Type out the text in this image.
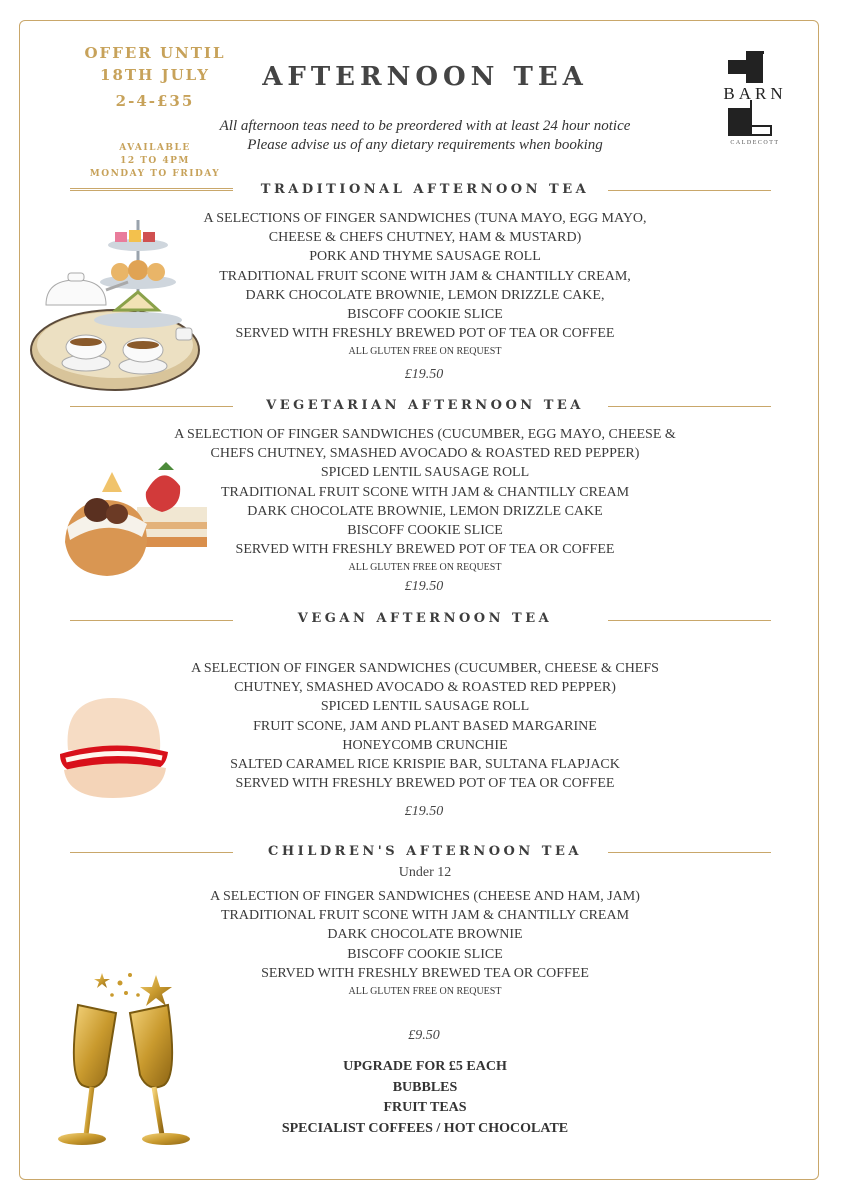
OFFER UNTIL
18TH JULY
2-4-£35
AVAILABLE
12 TO 4PM
MONDAY TO FRIDAY
AFTERNOON TEA
All afternoon teas need to be preordered with at least 24 hour notice
Please advise us of any dietary requirements when booking
BARN
CALDECOTT
TRADITIONAL AFTERNOON TEA
A SELECTIONS OF FINGER SANDWICHES (TUNA MAYO, EGG MAYO,
CHEESE & CHEFS CHUTNEY, HAM & MUSTARD)
PORK AND THYME SAUSAGE ROLL
TRADITIONAL FRUIT SCONE WITH JAM & CHANTILLY CREAM,
DARK CHOCOLATE BROWNIE, LEMON DRIZZLE CAKE,
BISCOFF COOKIE SLICE
SERVED WITH FRESHLY BREWED POT OF TEA OR COFFEE
ALL GLUTEN FREE ON REQUEST
£19.50
VEGETARIAN AFTERNOON TEA
A SELECTION OF FINGER SANDWICHES (CUCUMBER, EGG MAYO, CHEESE &
CHEFS CHUTNEY, SMASHED AVOCADO & ROASTED RED PEPPER)
SPICED LENTIL SAUSAGE ROLL
TRADITIONAL FRUIT SCONE WITH JAM & CHANTILLY CREAM
DARK CHOCOLATE BROWNIE, LEMON DRIZZLE CAKE
BISCOFF COOKIE SLICE
SERVED WITH FRESHLY BREWED POT OF TEA OR COFFEE
ALL GLUTEN FREE ON REQUEST
£19.50
VEGAN AFTERNOON TEA
A SELECTION OF FINGER SANDWICHES (CUCUMBER, CHEESE & CHEFS
CHUTNEY, SMASHED AVOCADO & ROASTED RED PEPPER)
SPICED LENTIL SAUSAGE ROLL
FRUIT SCONE, JAM AND PLANT BASED MARGARINE
HONEYCOMB CRUNCHIE
SALTED CARAMEL RICE KRISPIE BAR, SULTANA FLAPJACK
SERVED WITH FRESHLY BREWED POT OF TEA OR COFFEE
£19.50
CHILDREN'S AFTERNOON TEA
Under 12
A SELECTION OF FINGER SANDWICHES (CHEESE AND HAM, JAM)
TRADITIONAL FRUIT SCONE WITH JAM & CHANTILLY CREAM
DARK CHOCOLATE BROWNIE
BISCOFF COOKIE SLICE
SERVED WITH FRESHLY BREWED TEA OR COFFEE
ALL GLUTEN FREE ON REQUEST
£9.50
UPGRADE FOR £5 EACH
BUBBLES
FRUIT TEAS
SPECIALIST COFFEES / HOT CHOCOLATE
